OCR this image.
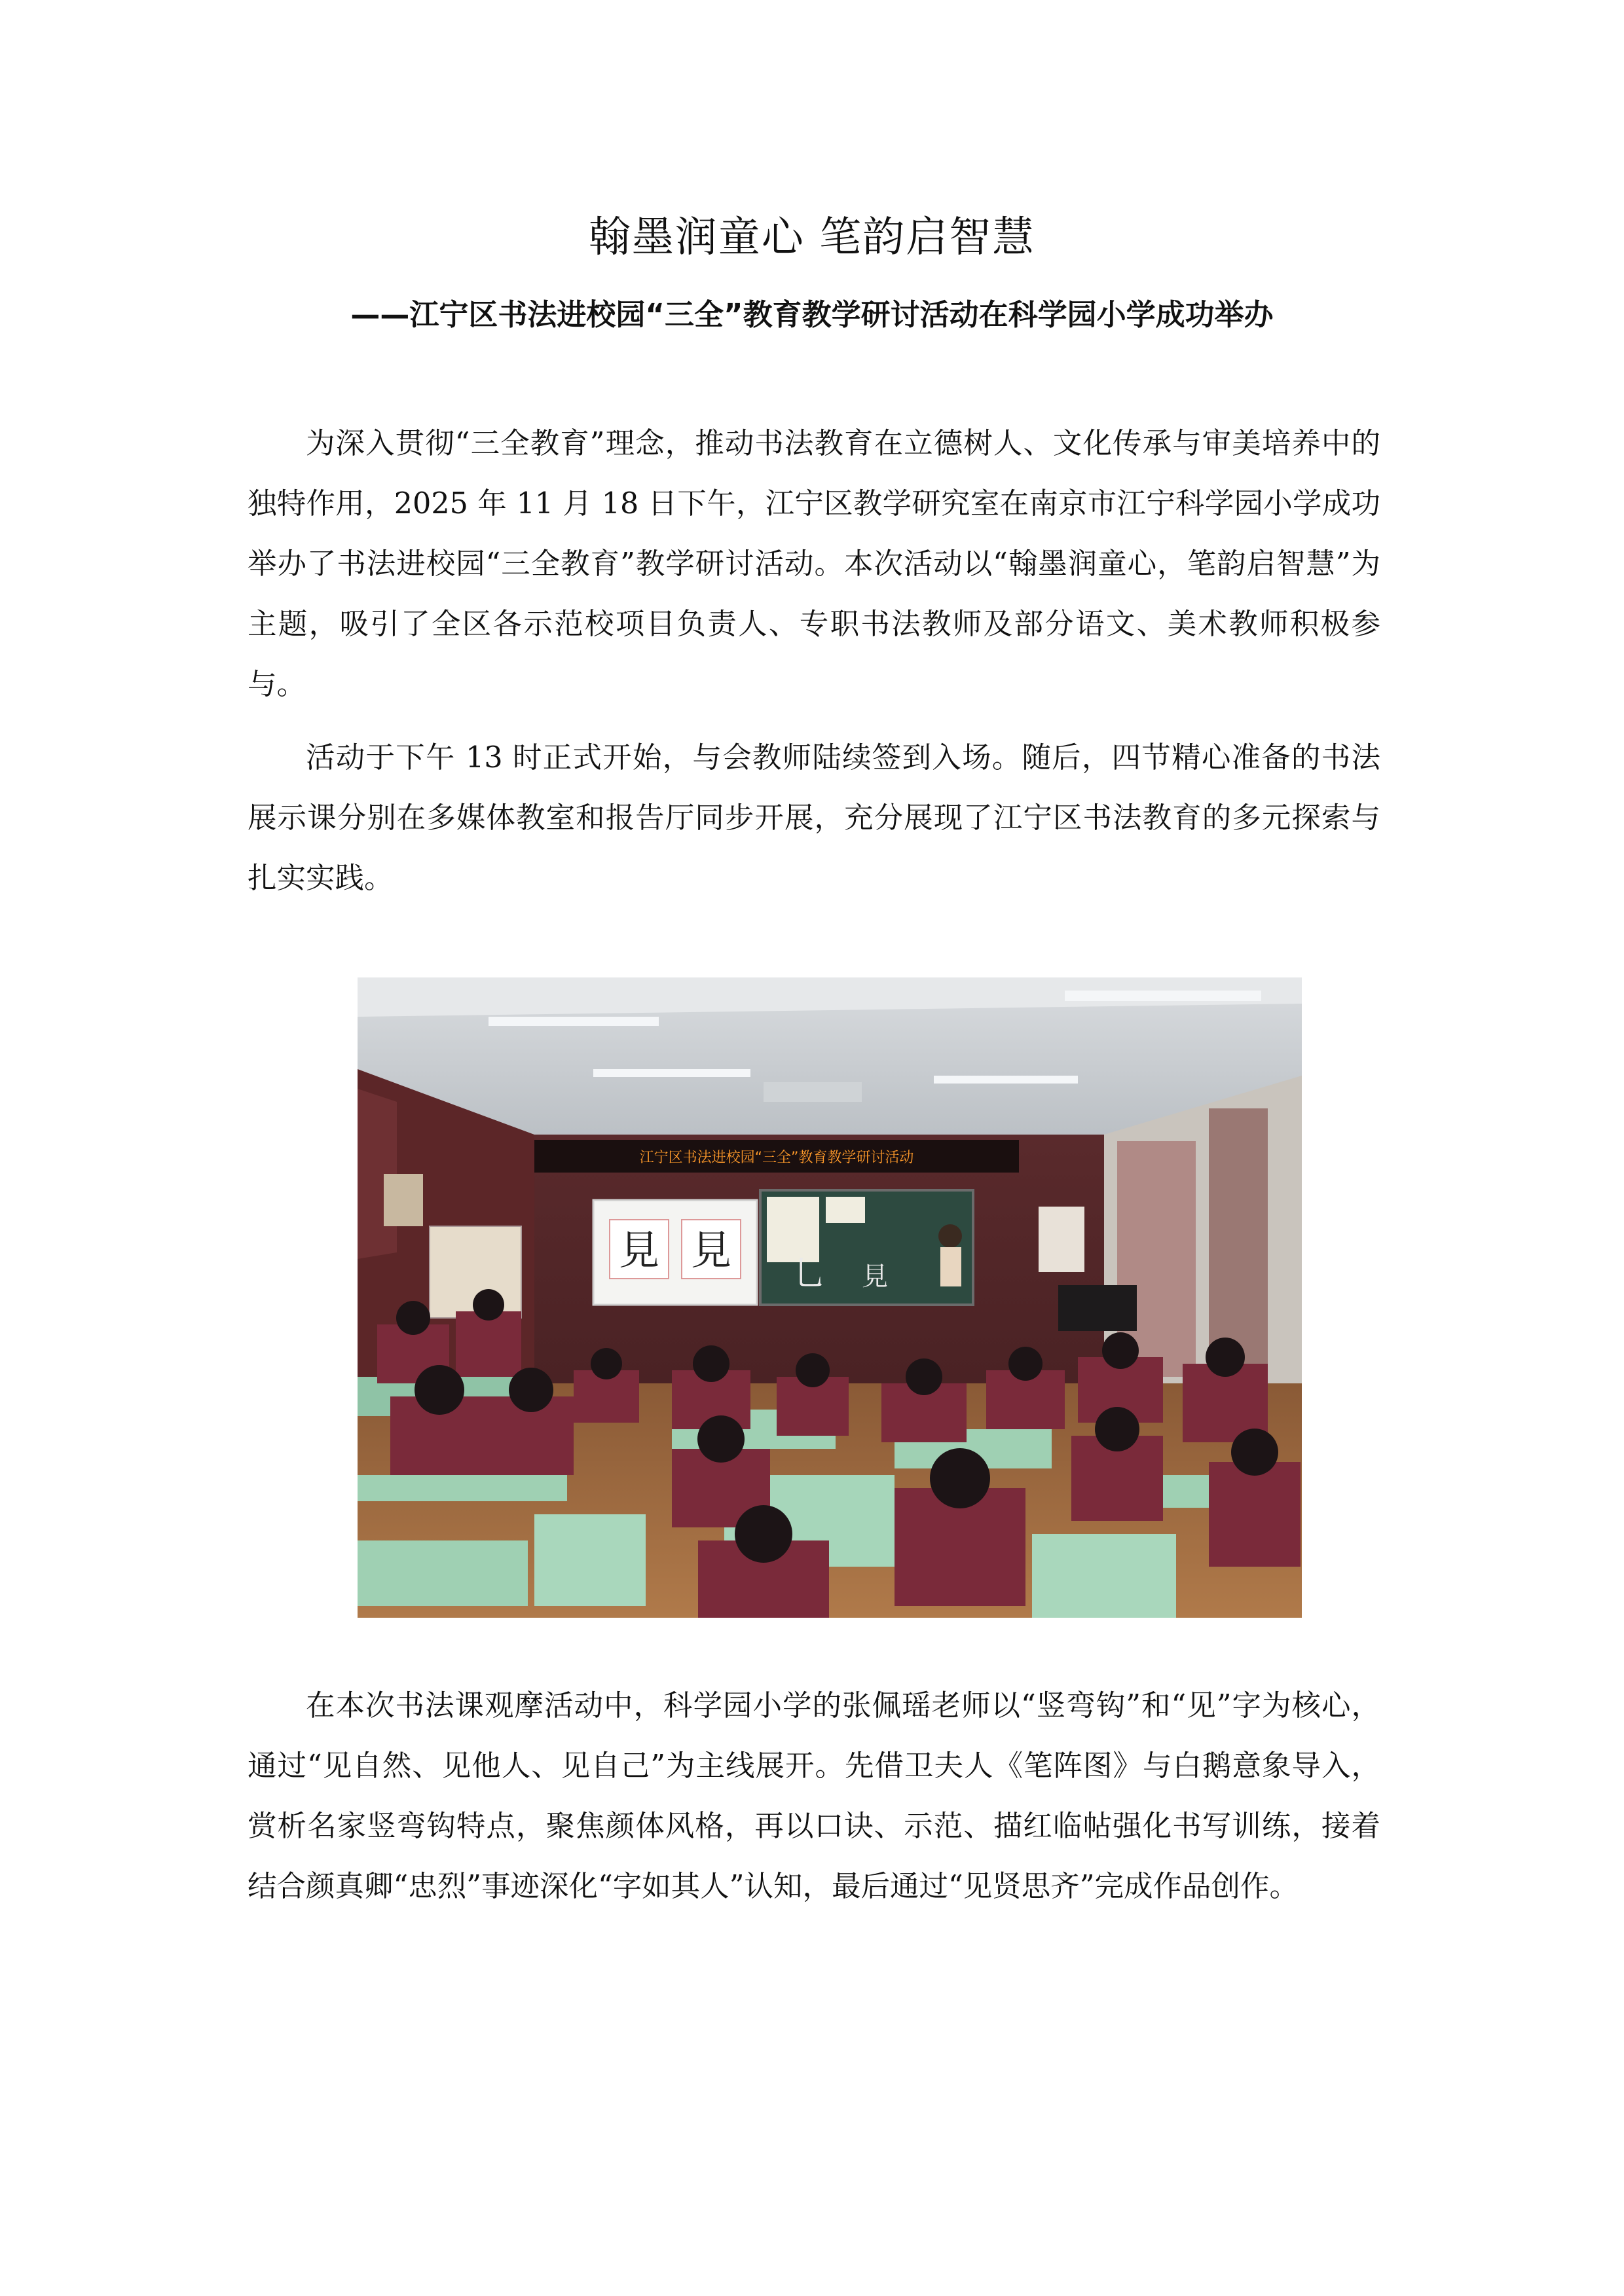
翰墨润童心 笔韵启智慧
——江宁区书法进校园“三全”教育教学研讨活动在科学园小学成功举办

为深入贯彻“三全教育”理念，推动书法教育在立德树人、文化传承与审美培养中的独特作用，2025 年 11 月 18 日下午，江宁区教学研究室在南京市江宁科学园小学成功举办了书法进校园“三全教育”教学研讨活动。本次活动以“翰墨润童心，笔韵启智慧”为主题，吸引了全区各示范校项目负责人、专职书法教师及部分语文、美术教师积极参与。

活动于下午 13 时正式开始，与会教师陆续签到入场。随后，四节精心准备的书法展示课分别在多媒体教室和报告厅同步开展，充分展现了江宁区书法教育的多元探索与扎实实践。

江宁区书法进校园“三全”教育教学研讨活动
見 見 乚 見

在本次书法课观摩活动中，科学园小学的张佩瑶老师以“竖弯钩”和“见”字为核心，通过“见自然、见他人、见自己”为主线展开。先借卫夫人《笔阵图》与白鹅意象导入，赏析名家竖弯钩特点，聚焦颜体风格，再以口诀、示范、描红临帖强化书写训练，接着结合颜真卿“忠烈”事迹深化“字如其人”认知，最后通过“见贤思齐”完成作品创作。
